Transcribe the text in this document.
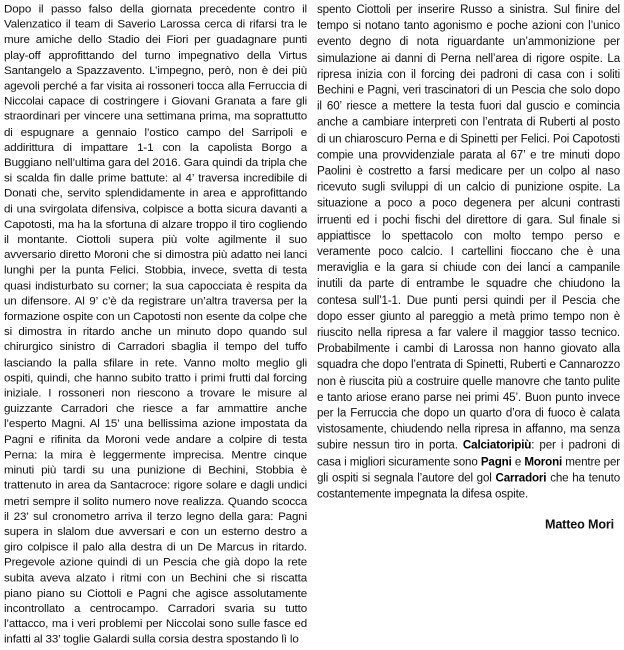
Dopo il passo falso della giornata precedente contro il Valenzatico il team di Saverio Larossa cerca di rifarsi tra le mure amiche dello Stadio dei Fiori per guadagnare punti play-off approfittando del turno impegnativo della Virtus Santangelo a Spazzavento. L’impegno, però, non è dei più agevoli perché a far visita ai rossoneri tocca alla Ferruccia di Niccolai capace di costringere i Giovani Granata a fare gli straordinari per vincere una settimana prima, ma soprattutto di espugnare a gennaio l’ostico campo del Sarripoli e addirittura di impattare 1-1 con la capolista Borgo a Buggiano nell’ultima gara del 2016. Gara quindi da tripla che si scalda fin dalle prime battute: al 4’ traversa incredibile di Donati che, servito splendidamente in area e approfittando di una svirgolata difensiva, colpisce a botta sicura davanti a Capotosti, ma ha la sfortuna di alzare troppo il tiro cogliendo il montante. Ciottoli supera più volte agilmente il suo avversario diretto Moroni che si dimostra più adatto nei lanci lunghi per la punta Felici. Stobbia, invece, svetta di testa quasi indisturbato su corner; la sua capocciata è respita da un difensore. Al 9’ c’è da registrare un’altra traversa per la formazione ospite con un Capotosti non esente da colpe che si dimostra in ritardo anche un minuto dopo quando sul chirurgico sinistro di Carradori sbaglia il tempo del tuffo lasciando la palla sfilare in rete. Vanno molto meglio gli ospiti, quindi, che hanno subito tratto i primi frutti dal forcing iniziale. I rossoneri non riescono a trovare le misure al guizzante Carradori che riesce a far ammattire anche l’esperto Magni. Al 15’ una bellissima azione impostata da Pagni e rifinita da Moroni vede andare a colpire di testa Perna: la mira è leggermente imprecisa. Mentre cinque minuti più tardi su una punizione di Bechini, Stobbia è trattenuto in area da Santacroce: rigore solare e dagli undici metri sempre il solito numero nove realizza. Quando scocca il 23’ sul cronometro arriva il terzo legno della gara: Pagni supera in slalom due avversari e con un esterno destro a giro colpisce il palo alla destra di un De Marcus in ritardo. Pregevole azione quindi di un Pescia che già dopo la rete subita aveva alzato i ritmi con un Bechini che si riscatta piano piano su Ciottoli e Pagni che agisce assolutamente incontrollato a centrocampo. Carradori svaria su tutto l’attacco, ma i veri problemi per Niccolai sono sulle fasce ed infatti al 33’ toglie Galardi sulla corsia destra spostando lì lo

spento Ciottoli per inserire Russo a sinistra. Sul finire del tempo si notano tanto agonismo e poche azioni con l’unico evento degno di nota riguardante un’ammonizione per simulazione ai danni di Perna nell’area di rigore ospite. La ripresa inizia con il forcing dei padroni di casa con i soliti Bechini e Pagni, veri trascinatori di un Pescia che solo dopo il 60’ riesce a mettere la testa fuori dal guscio e comincia anche a cambiare interpreti con l’entrata di Ruberti al posto di un chiaroscuro Perna e di Spinetti per Felici. Poi Capotosti compie una provvidenziale parata al 67’ e tre minuti dopo Paolini è costretto a farsi medicare per un colpo al naso ricevuto sugli sviluppi di un calcio di punizione ospite. La situazione a poco a poco degenera per alcuni contrasti irruenti ed i pochi fischi del direttore di gara. Sul finale si appiattisce lo spettacolo con molto tempo perso e veramente poco calcio. I cartellini fioccano che è una meraviglia e la gara si chiude con dei lanci a campanile inutili da parte di entrambe le squadre che chiudono la contesa sull’1-1. Due punti persi quindi per il Pescia che dopo esser giunto al pareggio a metà primo tempo non è riuscito nella ripresa a far valere il maggior tasso tecnico. Probabilmente i cambi di Larossa non hanno giovato alla squadra che dopo l’entrata di Spinetti, Ruberti e Cannarozzo non è riuscita più a costruire quelle manovre che tanto pulite e tanto ariose erano parse nei primi 45’. Buon punto invece per la Ferruccia che dopo un quarto d’ora di fuoco è calata vistosamente, chiudendo nella ripresa in affanno, ma senza subire nessun tiro in porta. Calciatoripiù: per i padroni di casa i migliori sicuramente sono Pagni e Moroni mentre per gli ospiti si segnala l’autore del gol Carradori che ha tenuto costantemente impegnata la difesa ospite.

Matteo Mori
